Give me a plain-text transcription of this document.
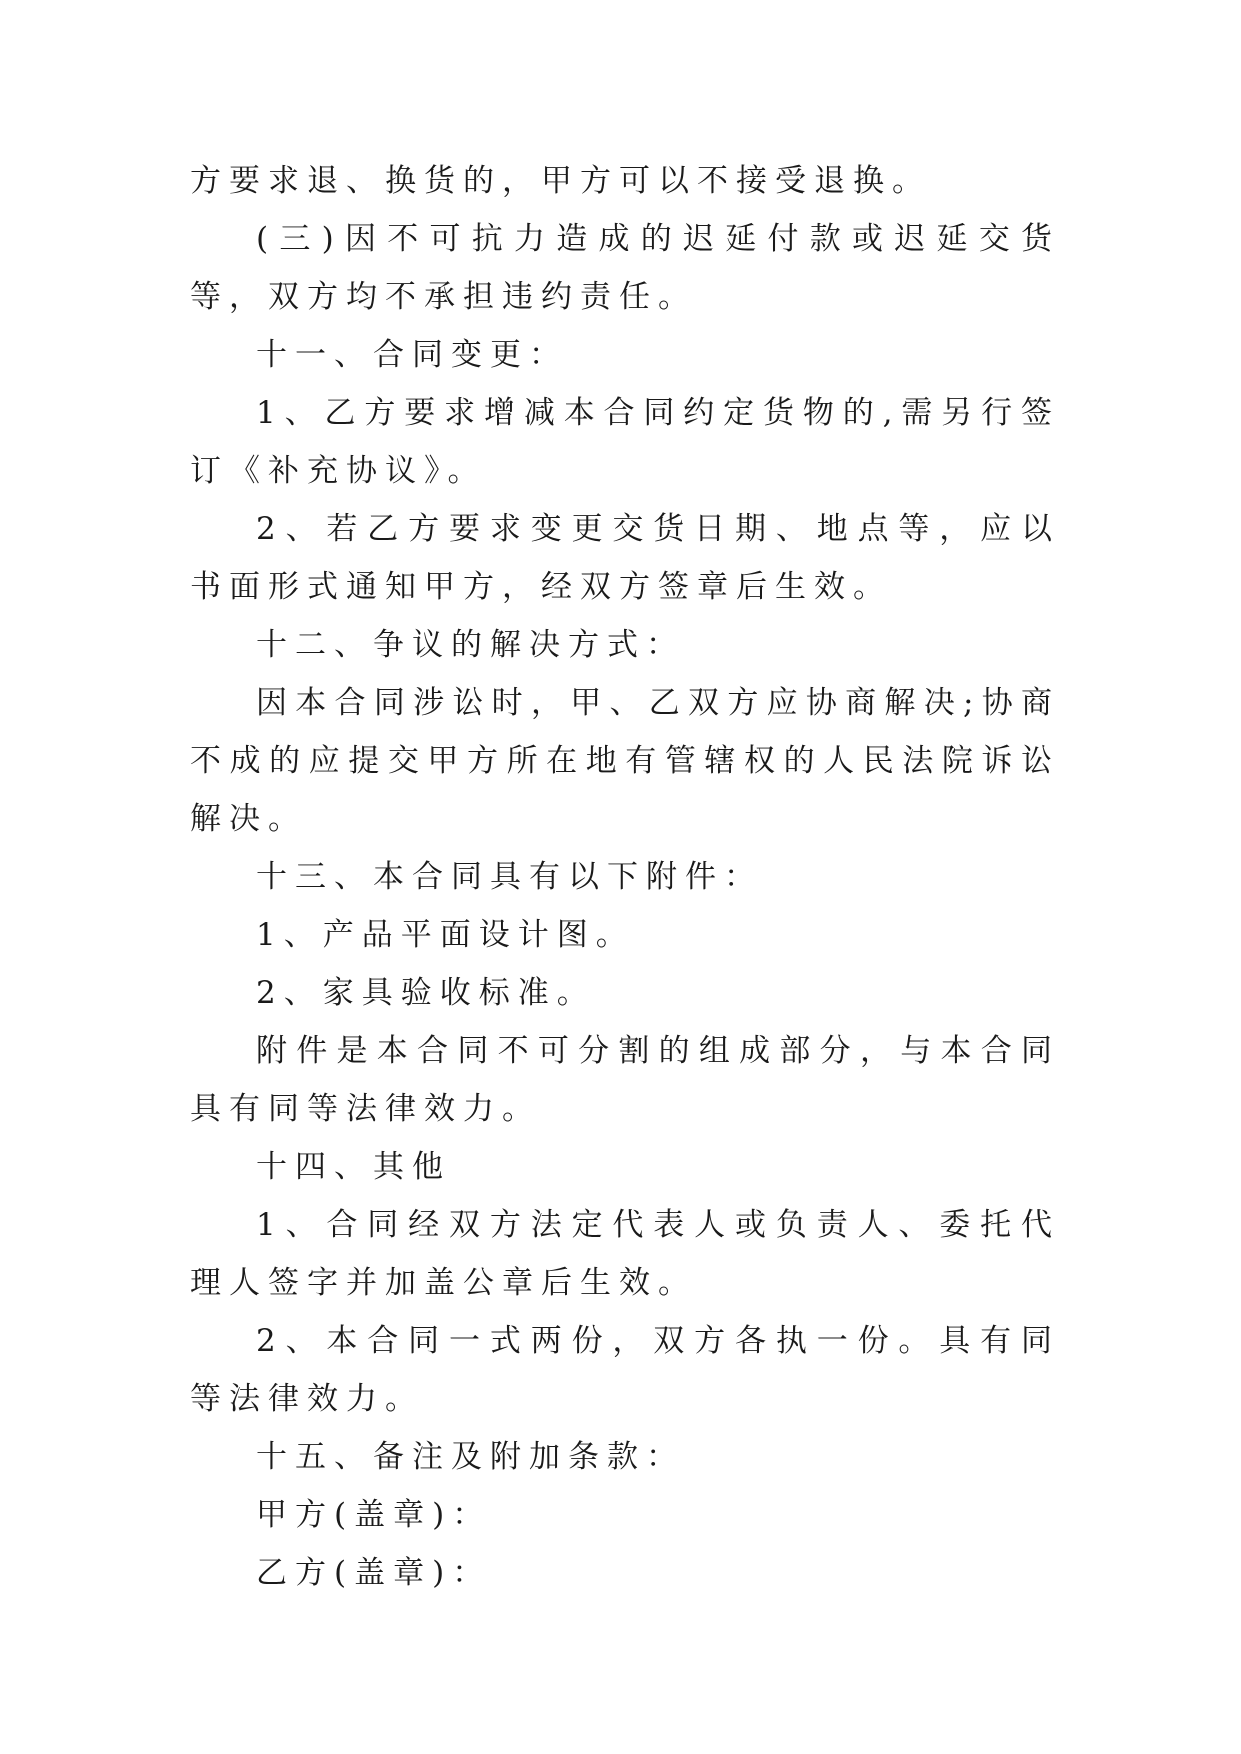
方要求退、换货的，甲方可以不接受退换。

(三)因不可抗力造成的迟延付款或迟延交货等，双方均不承担违约责任。

十一、合同变更：

1、乙方要求增减本合同约定货物的,需另行签订《补充协议》。

2、若乙方要求变更交货日期、地点等，应以书面形式通知甲方，经双方签章后生效。

十二、争议的解决方式：

因本合同涉讼时，甲、乙双方应协商解决;协商不成的应提交甲方所在地有管辖权的人民法院诉讼解决。

十三、本合同具有以下附件：

1、产品平面设计图。

2、家具验收标准。

附件是本合同不可分割的组成部分，与本合同具有同等法律效力。

十四、其他

1、合同经双方法定代表人或负责人、委托代理人签字并加盖公章后生效。

2、本合同一式两份，双方各执一份。具有同等法律效力。

十五、备注及附加条款：

甲方(盖章)：

乙方(盖章)：
